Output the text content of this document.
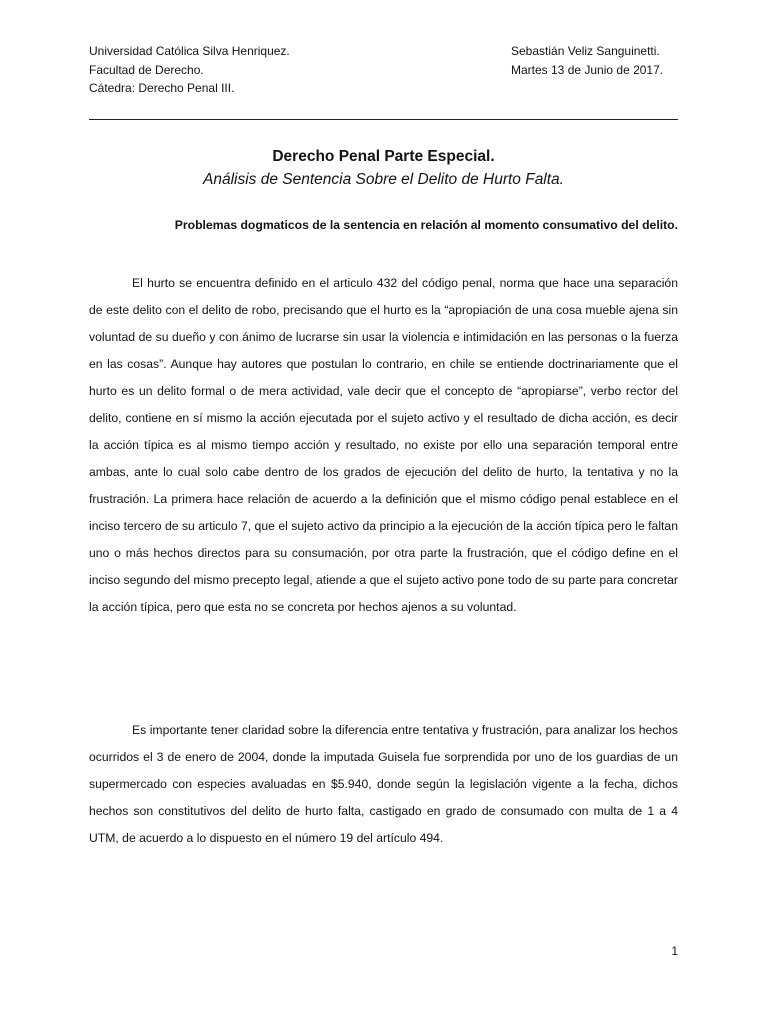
Universidad Católica Silva Henriquez.
Facultad de Derecho.
Cátedra: Derecho Penal III.
Sebastián Veliz Sanguinetti.
Martes 13 de Junio de 2017.
Derecho Penal Parte Especial.
Análisis de Sentencia Sobre el Delito de Hurto Falta.
Problemas dogmaticos de la sentencia en relación al momento consumativo del delito.

El hurto se encuentra definido en el articulo 432 del código penal, norma que hace una separación de este delito con el delito de robo, precisando que el hurto es la “apropiación de una cosa mueble ajena sin voluntad de su dueño y con ánimo de lucrarse sin usar la violencia e intimidación en las personas o la fuerza en las cosas”. Aunque hay autores que postulan lo contrario, en chile se entiende doctrinariamente que el hurto es un delito formal o de mera actividad, vale decir que el concepto de “apropiarse”, verbo rector del delito, contiene en sí mismo la acción ejecutada por el sujeto activo y el resultado de dicha acción, es decir la acción típica es al mismo tiempo acción y resultado, no existe por ello una separación temporal entre ambas, ante lo cual solo cabe dentro de los grados de ejecución del delito de hurto, la tentativa y no la frustración. La primera hace relación de acuerdo a la definición que el mismo código penal establece en el inciso tercero de su articulo 7, que el sujeto activo da principio a la ejecución de la acción típica pero le faltan uno o más hechos directos para su consumación, por otra parte la frustración, que el código define en el inciso segundo del mismo precepto legal, atiende a que el sujeto activo pone todo de su parte para concretar la acción típica, pero que esta no se concreta por hechos ajenos a su voluntad.

Es importante tener claridad sobre la diferencia entre tentativa y frustración, para analizar los hechos ocurridos el 3 de enero de 2004, donde la imputada Guisela fue sorprendida por uno de los guardias de un supermercado con especies avaluadas en $5.940, donde según la legislación vigente a la fecha, dichos hechos son constitutivos del delito de hurto falta, castigado en grado de consumado con multa de 1 a 4 UTM, de acuerdo a lo dispuesto en el número 19 del artículo 494.

1
